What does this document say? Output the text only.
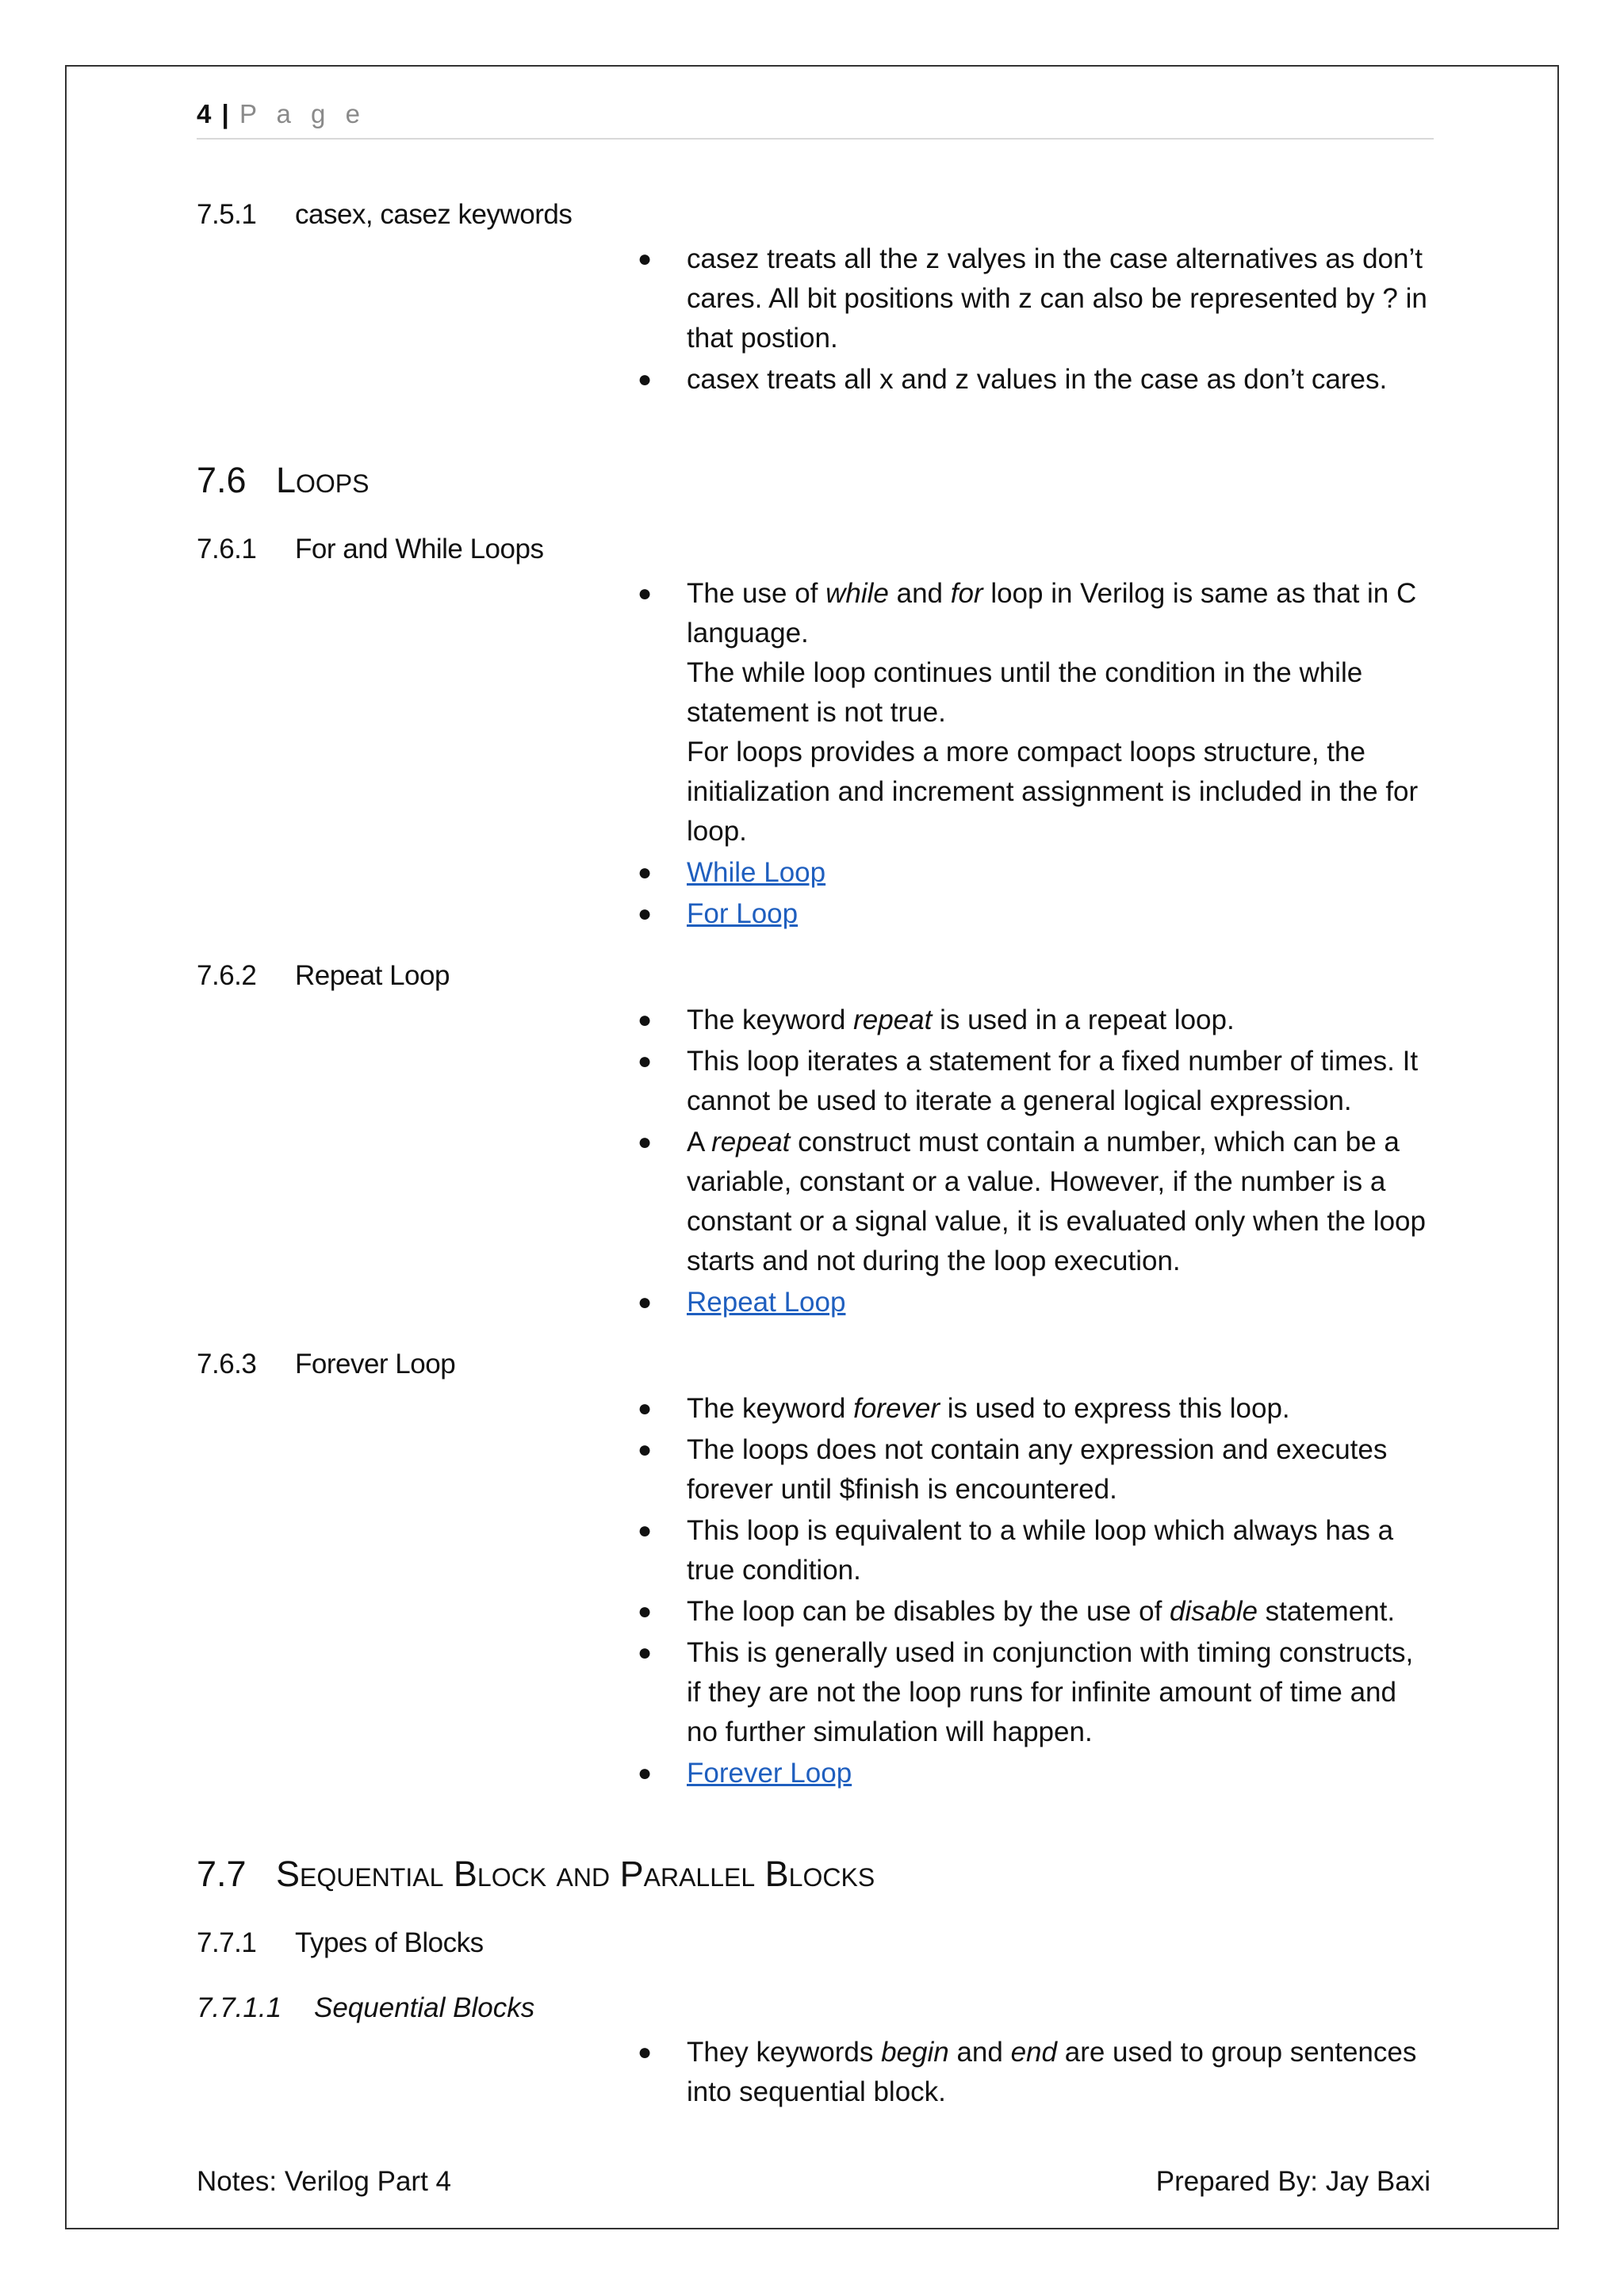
4 | P a g e
7.5.1 casex, casez keywords
●	casez treats all the z valyes in the case alternatives as don’t cares. All bit positions with z can also be represented by ? in that postion.
●	casex treats all x and z values in the case as don’t cares.
7.6 Loops
7.6.1 For and While Loops
●	The use of while and for loop in Verilog is same as that in C language.

The while loop continues until the condition in the while statement is not true.

For loops provides a more compact loops structure, the initialization and increment assignment is included in the for loop.

●	While Loop
●	For Loop
7.6.2 Repeat Loop
●	The keyword repeat is used in a repeat loop.
●	This loop iterates a statement for a fixed number of times. It cannot be used to iterate a general logical expression.
●	A repeat construct must contain a number, which can be a variable, constant or a value. However, if the number is a constant or a signal value, it is evaluated only when the loop starts and not during the loop execution.
●	Repeat Loop
7.6.3 Forever Loop
●	The keyword forever is used to express this loop.
●	The loops does not contain any expression and executes forever until $finish is encountered.
●	This loop is equivalent to a while loop which always has a true condition.
●	The loop can be disables by the use of disable statement.
●	This is generally used in conjunction with timing constructs, if they are not the loop runs for infinite amount of time and no further simulation will happen.
●	Forever Loop
7.7 Sequential Block and Parallel Blocks
7.7.1 Types of Blocks
7.7.1.1 Sequential Blocks
●	They keywords begin and end are used to group sentences into sequential block.
Notes: Verilog Part 4	Prepared By: Jay Baxi
